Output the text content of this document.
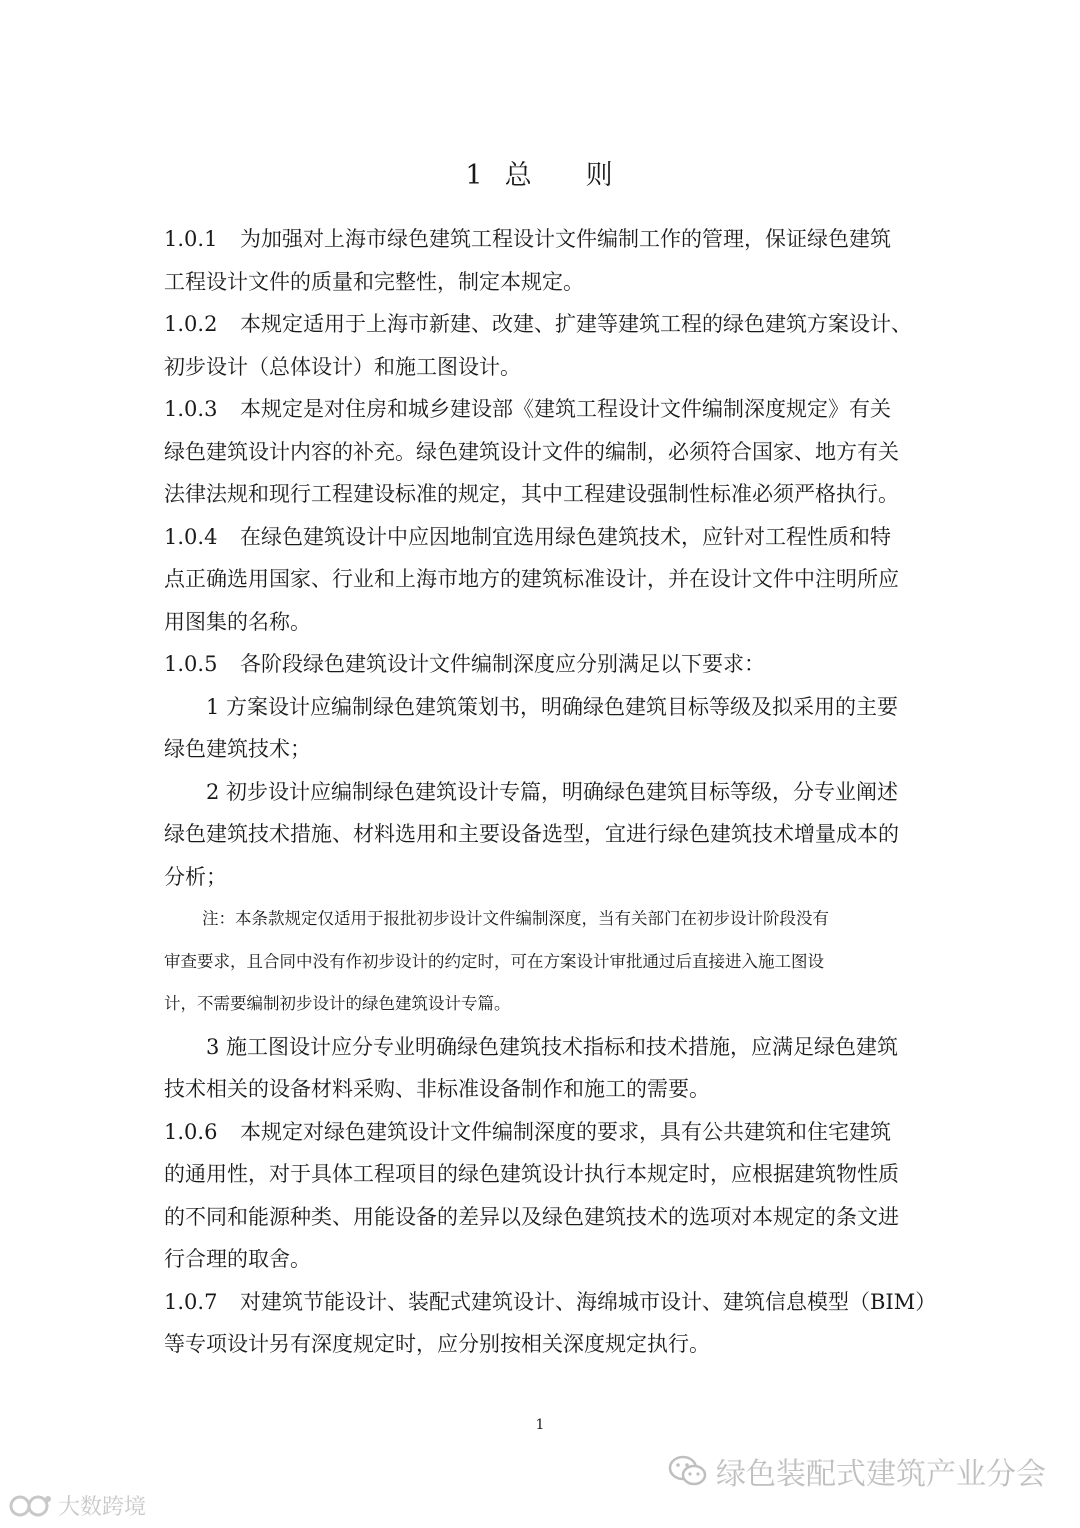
1 总 则
1.0.1 为加强对上海市绿色建筑工程设计文件编制工作的管理，保证绿色建筑
工程设计文件的质量和完整性，制定本规定。
1.0.2 本规定适用于上海市新建、改建、扩建等建筑工程的绿色建筑方案设计、
初步设计（总体设计）和施工图设计。
1.0.3 本规定是对住房和城乡建设部《建筑工程设计文件编制深度规定》有关
绿色建筑设计内容的补充。绿色建筑设计文件的编制，必须符合国家、地方有关
法律法规和现行工程建设标准的规定，其中工程建设强制性标准必须严格执行。
1.0.4 在绿色建筑设计中应因地制宜选用绿色建筑技术，应针对工程性质和特
点正确选用国家、行业和上海市地方的建筑标准设计，并在设计文件中注明所应
用图集的名称。
1.0.5 各阶段绿色建筑设计文件编制深度应分别满足以下要求：
1 方案设计应编制绿色建筑策划书，明确绿色建筑目标等级及拟采用的主要
绿色建筑技术；
2 初步设计应编制绿色建筑设计专篇，明确绿色建筑目标等级，分专业阐述
绿色建筑技术措施、材料选用和主要设备选型，宜进行绿色建筑技术增量成本的
分析；
注：本条款规定仅适用于报批初步设计文件编制深度，当有关部门在初步设计阶段没有
审查要求，且合同中没有作初步设计的约定时，可在方案设计审批通过后直接进入施工图设
计，不需要编制初步设计的绿色建筑设计专篇。
3 施工图设计应分专业明确绿色建筑技术指标和技术措施，应满足绿色建筑
技术相关的设备材料采购、非标准设备制作和施工的需要。
1.0.6 本规定对绿色建筑设计文件编制深度的要求，具有公共建筑和住宅建筑
的通用性，对于具体工程项目的绿色建筑设计执行本规定时，应根据建筑物性质
的不同和能源种类、用能设备的差异以及绿色建筑技术的选项对本规定的条文进
行合理的取舍。
1.0.7 对建筑节能设计、装配式建筑设计、海绵城市设计、建筑信息模型（BIM）
等专项设计另有深度规定时，应分别按相关深度规定执行。
1
绿色装配式建筑产业分会
大数跨境
